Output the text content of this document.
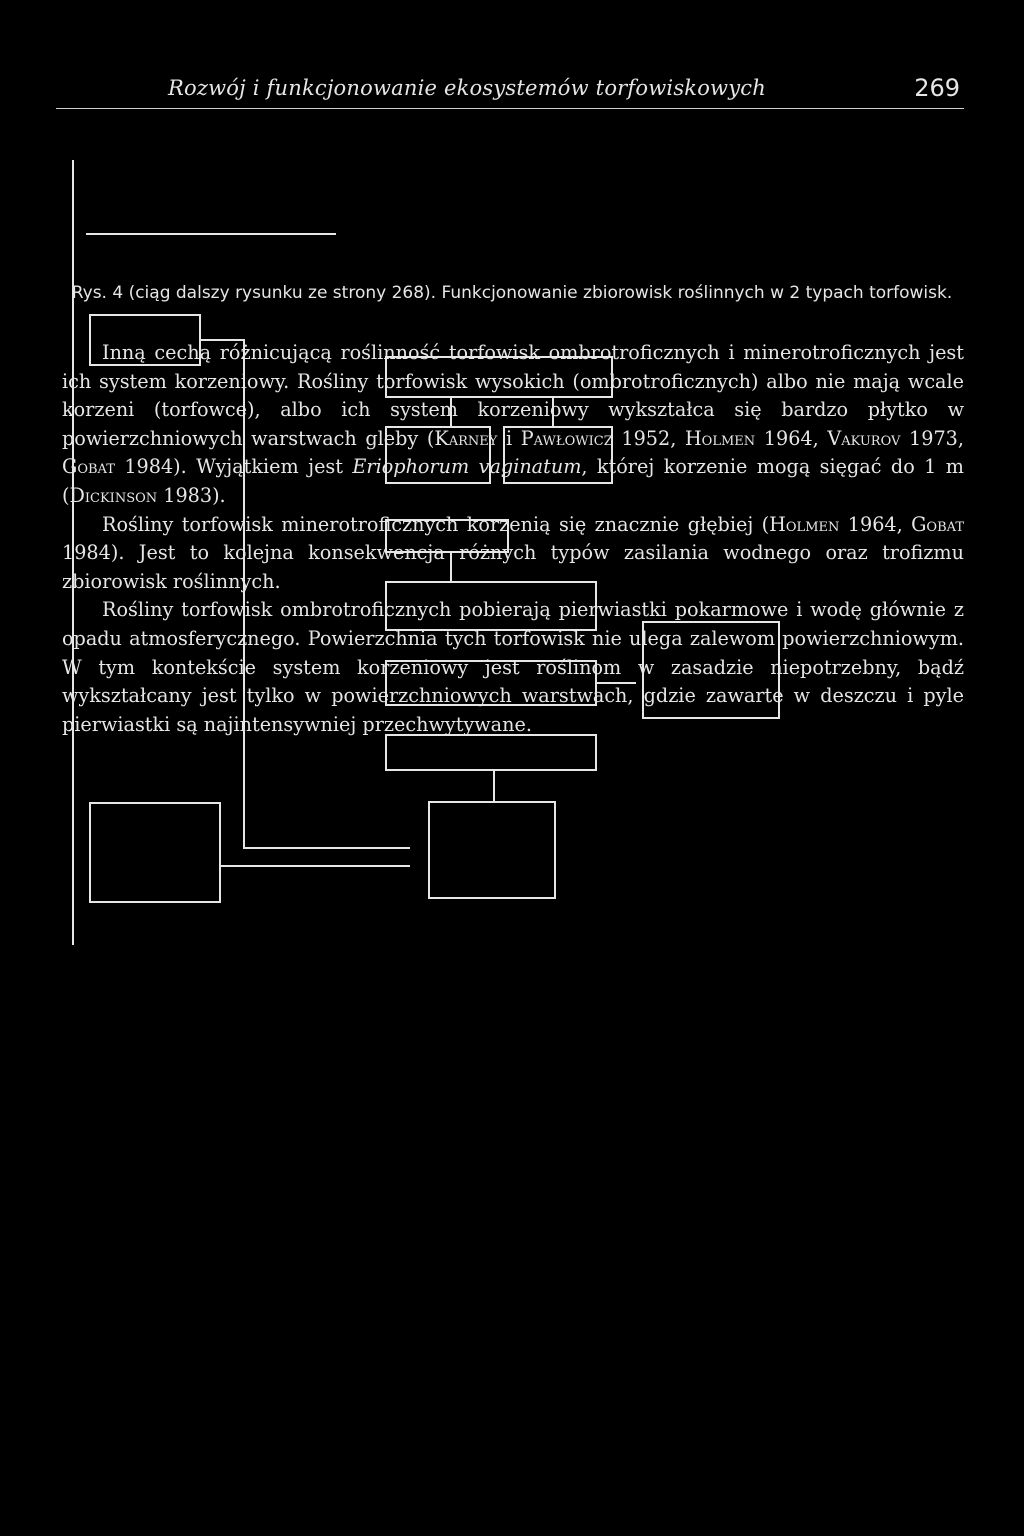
Rozwój i funkcjonowanie ekosystemów torfowiskowych	269
Rys. 4 (ciąg dalszy rysunku ze strony 268). Funkcjonowanie zbiorowisk roślinnych w 2 typach torfowisk.

Inną cechą różnicującą roślinność torfowisk ombrotroficznych i minerotroficznych jest ich system korzeniowy. Rośliny torfowisk wysokich (ombrotroficznych) albo nie mają wcale korzeni (torfowce), albo ich system korzeniowy wykształca się bardzo płytko w powierzchniowych warstwach gleby (Karney i Pawłowicz 1952, Holmen 1964, Vakurov 1973, Gobat 1984). Wyjątkiem jest Eriophorum vaginatum, której korzenie mogą sięgać do 1 m (Dickinson 1983).

Rośliny torfowisk minerotroficznych korzenią się znacznie głębiej (Holmen 1964, Gobat 1984). Jest to kolejna konsekwencja różnych typów zasilania wodnego oraz trofizmu zbiorowisk roślinnych.

Rośliny torfowisk ombrotroficznych pobierają pierwiastki pokarmowe i wodę głównie z opadu atmosferycznego. Powierzchnia tych torfowisk nie ulega zalewom powierzchniowym. W tym kontekście system korzeniowy jest roślinom w zasadzie niepotrzebny, bądź wykształcany jest tylko w powierzchniowych warstwach, gdzie zawarte w deszczu i pyle pierwiastki są najintensywniej przechwytywane.
